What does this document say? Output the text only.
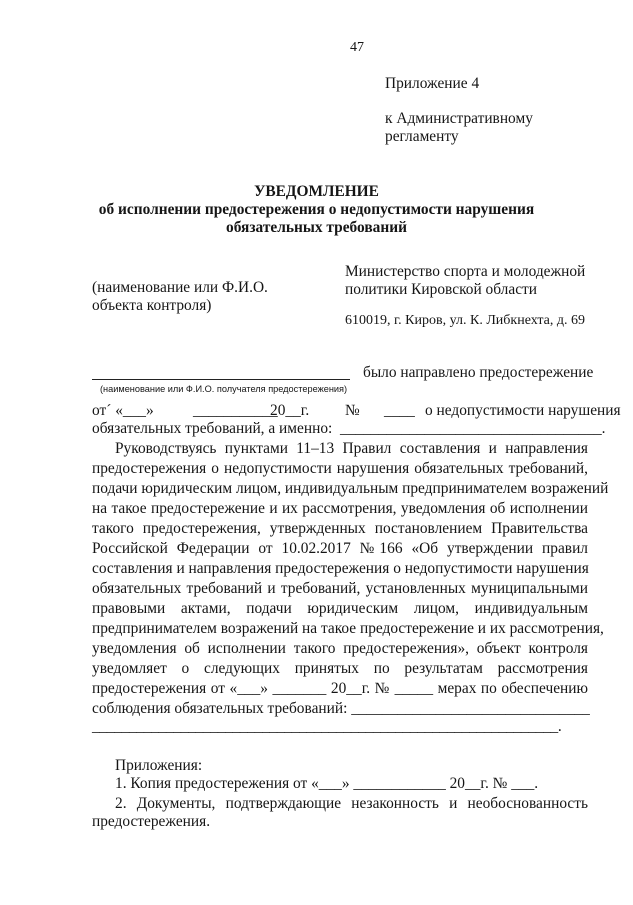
47
Приложение 4
к Административному
регламенту
УВЕДОМЛЕНИЕ
об исполнении предостережения о недопустимости нарушения
обязательных требований
(наименование или Ф.И.О.
объекта контроля)
Министерство спорта и молодежной
политики Кировской области
610019, г. Киров, ул. К. Либкнехта, д. 69
было направлено предостережение
(наименование или Ф.И.О. получателя предостережения)
от´ «___»	___________
20__г. № ____ о недопустимости нарушения
обязательных требований, а именно: __________________________________.
Руководствуясь пунктами 11–13 Правил составления и направления
предостережения о недопустимости нарушения обязательных требований,
подачи юридическим лицом, индивидуальным предпринимателем возражений
на такое предостережение и их рассмотрения, уведомления об исполнении
такого предостережения, утвержденных постановлением Правительства
Российской Федерации от 10.02.2017 №166 «Об утверждении правил
составления и направления предостережения о недопустимости нарушения
обязательных требований и требований, установленных муниципальными
правовыми актами, подачи юридическим лицом, индивидуальным
предпринимателем возражений на такое предостережение и их рассмотрения,
уведомления об исполнении такого предостережения», объект контроля
уведомляет о следующих принятых по результатам рассмотрения
предостережения от «___» _______ 20__г. № _____ мерах по обеспечению
соблюдения обязательных требований: _______________________________
_______________________________________________________________.
Приложения:
1. Копия предостережения от «___» ____________ 20__г. № ___.
2. Документы, подтверждающие незаконность и необоснованность
предостережения.
